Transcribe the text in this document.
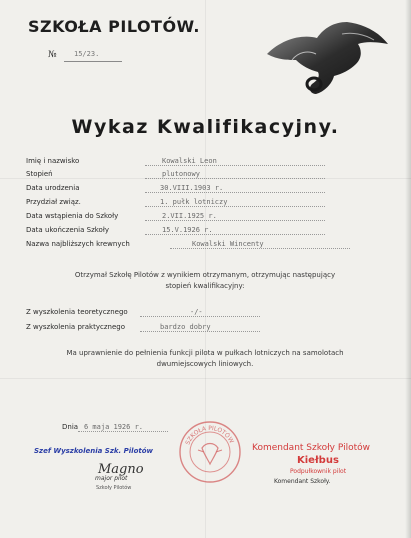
SZKOŁA PILOTÓW.
№ 15/23.
Wykaz Kwalifikacyjny.
Imię i nazwisko	Kowalski Leon
Stopień	plutonowy
Data urodzenia	30.VIII.1903 r.
Przydział związ.	1. pułk lotniczy
Data wstąpienia do Szkoły	2.VII.1925 r.
Data ukończenia Szkoły	15.V.1926 r.
Nazwa najbliższych krewnych	Kowalski Wincenty
Otrzymał Szkołę Pilotów z wynikiem otrzymanym, otrzymując następujący
stopień kwalifikacyjny:
Z wyszkolenia teoretycznego	-/-
Z wyszkolenia praktycznego	bardzo dobry
Ma uprawnienie do pełnienia funkcji pilota w pułkach lotniczych na samolotach
dwumiejscowych liniowych.
Dnia 6 maja 1926 r.
Szef Wyszkolenia Szk. Pilotów
Magno
major pilot
Szkoły Pilotów
SZKOŁA PILOTÓW
Komendant Szkoły Pilotów
Kiełbus
Podpułkownik pilot
Komendant Szkoły.
